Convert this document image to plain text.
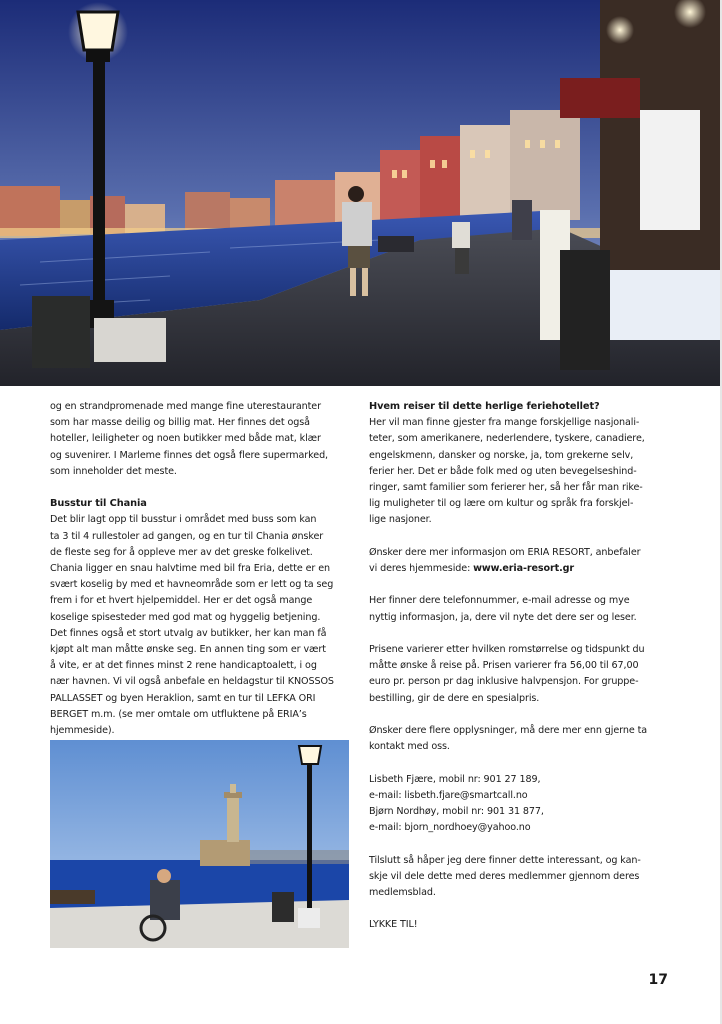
og en strandpromenade med mange fine uterestauranter

som har masse deilig og billig mat. Her finnes det også

hoteller, leiligheter og noen butikker med både mat, klær

og suvenirer. I Marleme finnes det også flere supermarked,

som inneholder det meste.

Busstur til Chania

Det blir lagt opp til busstur i området med buss som kan

ta 3 til 4 rullestoler ad gangen, og en tur til Chania ønsker

de fleste seg for å oppleve mer av det greske folkelivet.

Chania ligger en snau halvtime med bil fra Eria, dette er en

svært koselig by med et havneområde som er lett og ta seg

frem i for et hvert hjelpemiddel. Her er det også mange

koselige spisesteder med god mat og hyggelig betjening.

Det finnes også et stort utvalg av butikker, her kan man få

kjøpt alt man måtte ønske seg. En annen ting som er vært

å vite, er at det finnes minst 2 rene handicaptoalett, i og

nær havnen. Vi vil også anbefale en heldagstur til KNOSSOS

PALLASSET og byen Heraklion, samt en tur til LEFKA ORI

BERGET m.m. (se mer omtale om utfluktene på ERIA’s

hjemmeside).

Hvem reiser til dette herlige feriehotellet?

Her vil man finne gjester fra mange forskjellige nasjonali-

teter, som amerikanere, nederlendere, tyskere, canadiere,

engelskmenn, dansker og norske, ja, tom grekerne selv,

ferier her. Det er både folk med og uten bevegelseshind-

ringer, samt familier som ferierer her, så her får man rike-

lig muligheter til og lære om kultur og språk fra forskjel-

lige nasjoner.

Ønsker dere mer informasjon om ERIA RESORT, anbefaler

vi deres hjemmeside: www.eria-resort.gr

Her finner dere telefonnummer, e-mail adresse og mye

nyttig informasjon, ja, dere vil nyte det dere ser og leser.

Prisene varierer etter hvilken romstørrelse og tidspunkt du

måtte ønske å reise på. Prisen varierer fra 56,00 til 67,00

euro pr. person pr dag inklusive halvpensjon. For gruppe-

bestilling, gir de dere en spesialpris.

Ønsker dere flere opplysninger, må dere mer enn gjerne ta

kontakt med oss.

Lisbeth Fjære, mobil nr: 901 27 189,

e-mail: lisbeth.fjare@smartcall.no

Bjørn Nordhøy, mobil nr: 901 31 877,

e-mail: bjorn_nordhoey@yahoo.no

Tilslutt så håper jeg dere finner dette interessant, og kan-

skje vil dele dette med deres medlemmer gjennom deres

medlemsblad.

LYKKE TIL!

17
